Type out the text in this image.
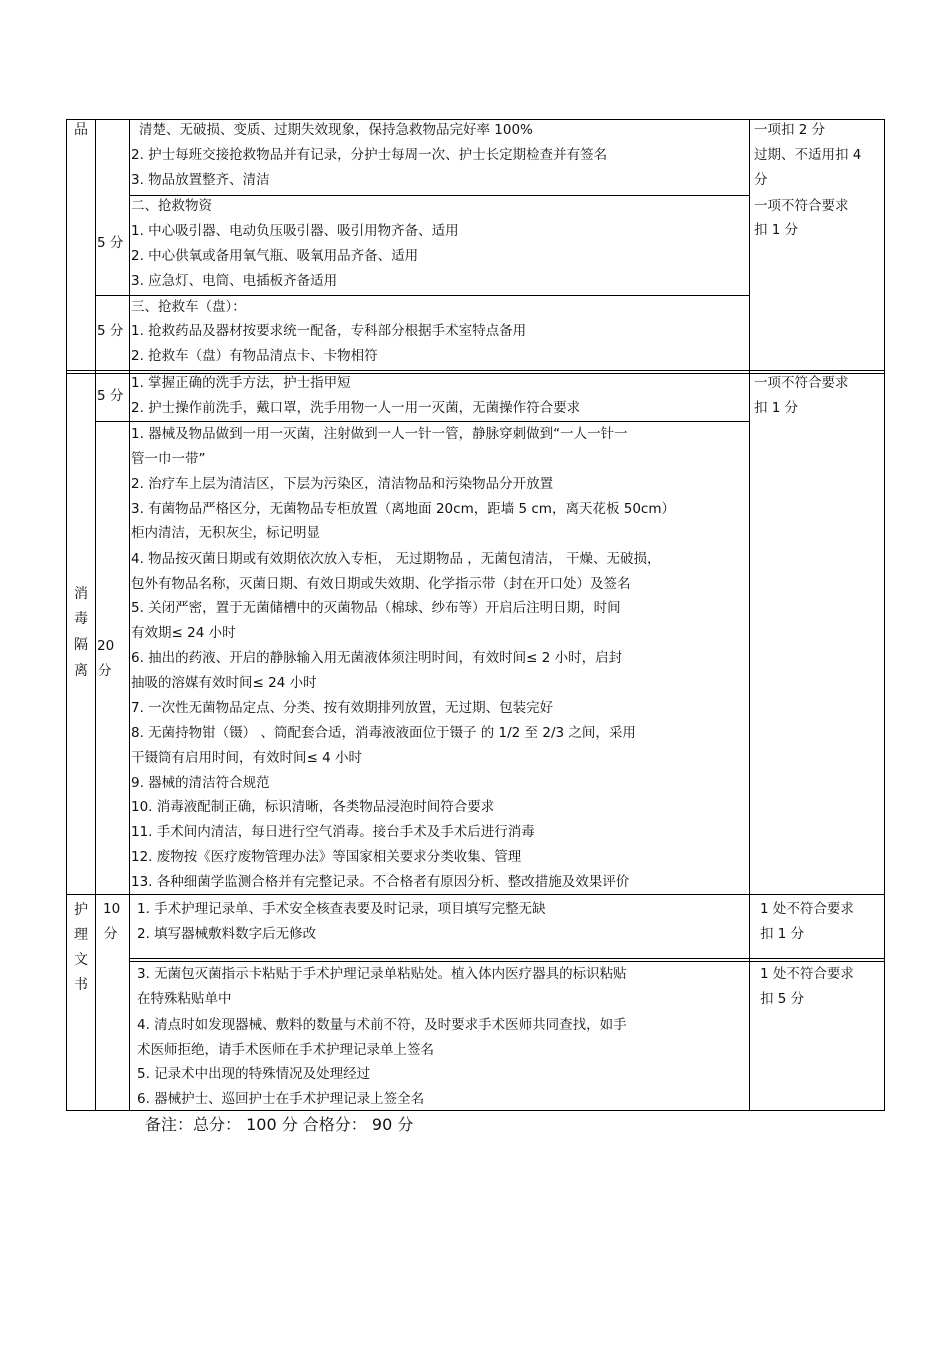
品	清楚、无破损、变质、过期失效现象，保持急救物品完好率 100%
2. 护士每班交接抢救物品并有记录，分护士每周一次、护士长定期检查并有签名
3. 物品放置整齐、清洁
5 分
二、抢救物资
1. 中心吸引器、电动负压吸引器、吸引用物齐备、适用
2. 中心供氧或备用氧气瓶、吸氧用品齐备、适用
3. 应急灯、电筒、电插板齐备适用
5 分
三、抢救车（盘）：
1. 抢救药品及器材按要求统一配备，专科部分根据手术室特点备用
2. 抢救车（盘）有物品清点卡、卡物相符
一项扣 2 分
过期、不适用扣 4
分
一项不符合要求
扣 1 分
消
毒
隔
离
5 分
1. 掌握正确的洗手方法，护士指甲短
2. 护士操作前洗手，戴口罩，洗手用物一人一用一灭菌，无菌操作符合要求
20
分
1. 器械及物品做到一用一灭菌，注射做到一人一针一管，静脉穿刺做到“一人一针一
管一巾一带”
2. 治疗车上层为清洁区，下层为污染区，清洁物品和污染物品分开放置
3. 有菌物品严格区分，无菌物品专柜放置（离地面 20cm，距墙 5 cm，离天花板 50cm）
柜内清洁，无积灰尘，标记明显
4. 物品按灭菌日期或有效期依次放入专柜， 无过期物品 ，无菌包清洁， 干燥、无破损，
包外有物品名称，灭菌日期、有效日期或失效期、化学指示带（封在开口处）及签名
5. 关闭严密，置于无菌储槽中的灭菌物品（棉球、纱布等）开启后注明日期，时间
有效期≤ 24 小时
6. 抽出的药液、开启的静脉输入用无菌液体须注明时间，有效时间≤ 2 小时，启封
抽吸的溶媒有效时间≤ 24 小时
7. 一次性无菌物品定点、分类、按有效期排列放置，无过期、包装完好
8. 无菌持物钳（镊） 、筒配套合适，消毒液液面位于镊子 的 1/2 至 2/3 之间，采用
干镊筒有启用时间，有效时间≤ 4 小时
9. 器械的清洁符合规范
10. 消毒液配制正确，标识清晰，各类物品浸泡时间符合要求
11. 手术间内清洁，每日进行空气消毒。接台手术及手术后进行消毒
12. 废物按《医疗废物管理办法》等国家相关要求分类收集、管理
13. 各种细菌学监测合格并有完整记录。不合格者有原因分析、整改措施及效果评价
一项不符合要求
扣 1 分
护
理
文
书
10
分
1. 手术护理记录单、手术安全核查表要及时记录，项目填写完整无缺
2. 填写器械敷料数字后无修改
1 处不符合要求
扣 1 分
3. 无菌包灭菌指示卡粘贴于手术护理记录单粘贴处。植入体内医疗器具的标识粘贴
在特殊粘贴单中
4. 清点时如发现器械、敷料的数量与术前不符，及时要求手术医师共同查找，如手
术医师拒绝，请手术医师在手术护理记录单上签名
5. 记录术中出现的特殊情况及处理经过
6. 器械护士、巡回护士在手术护理记录上签全名
1 处不符合要求
扣 5 分
备注：总分： 100 分 合格分： 90 分
